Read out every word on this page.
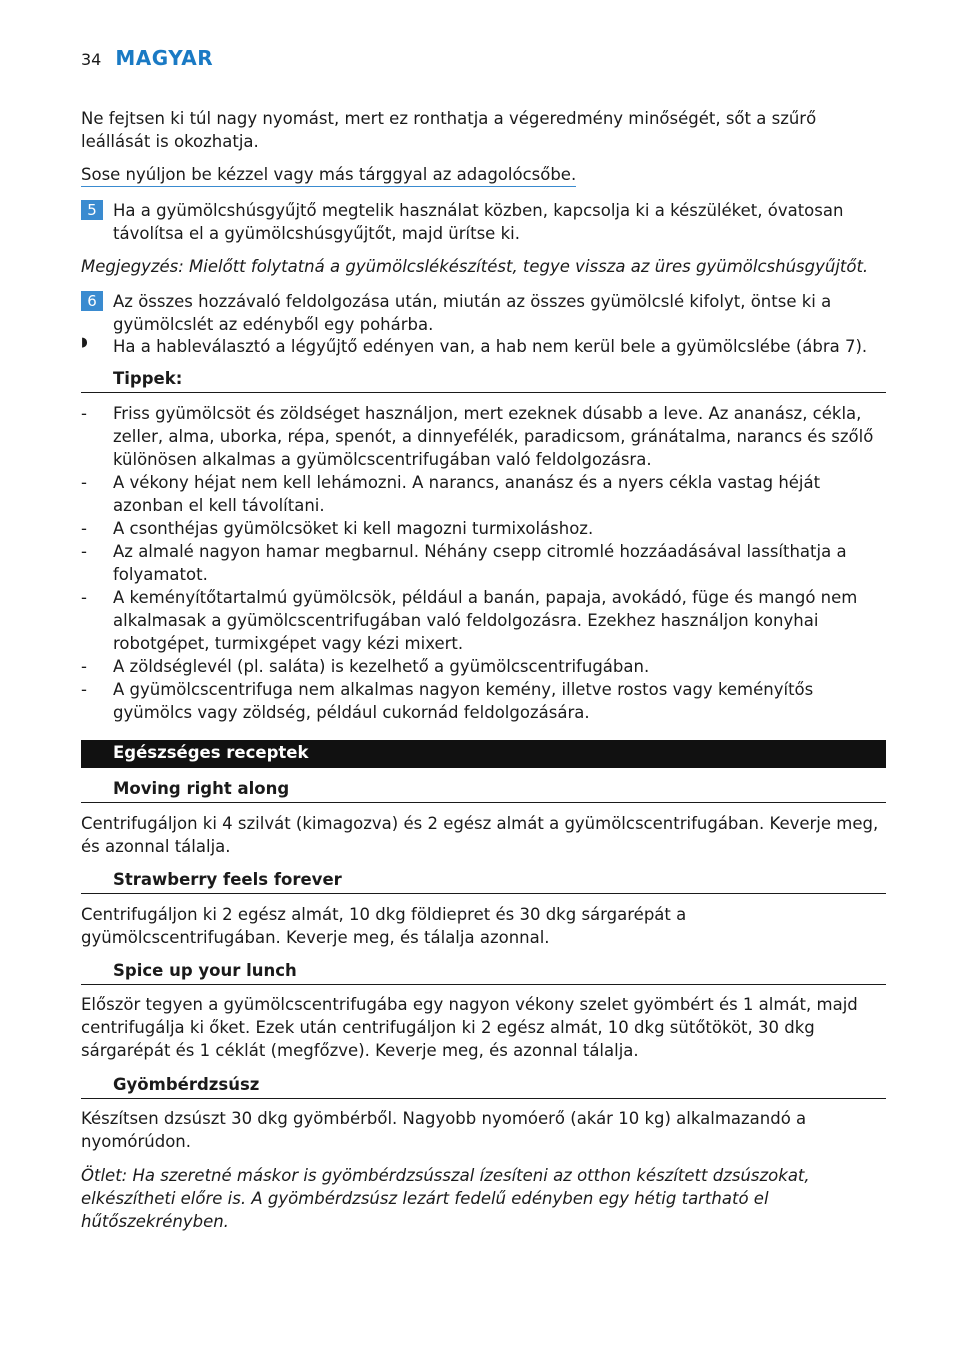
34 MAGYAR

Ne fejtsen ki túl nagy nyomást, mert ez ronthatja a végeredmény minőségét, sőt a szűrő leállását is okozhatja.

Sose nyúljon be kézzel vagy más tárggyal az adagolócsőbe.

5 Ha a gyümölcshúsgyűjtő megtelik használat közben, kapcsolja ki a készüléket, óvatosan távolítsa el a gyümölcshúsgyűjtőt, majd ürítse ki.

Megjegyzés: Mielőtt folytatná a gyümölcslékészítést, tegye vissza az üres gyümölcshúsgyűjtőt.

6 Az összes hozzávaló feldolgozása után, miután az összes gyümölcslé kifolyt, öntse ki a gyümölcslét az edényből egy pohárba.

◗	Ha a hableválasztó a légyűjtő edényen van, a hab nem kerül bele a gyümölcslébe (ábra 7).

Tippek:
-	Friss gyümölcsöt és zöldséget használjon, mert ezeknek dúsabb a leve. Az ananász, cékla, zeller, alma, uborka, répa, spenót, a dinnyefélék, paradicsom, gránátalma, narancs és szőlő különösen alkalmas a gyümölcscentrifugában való feldolgozásra.
-	A vékony héjat nem kell lehámozni. A narancs, ananász és a nyers cékla vastag héját azonban el kell távolítani.
-	A csonthéjas gyümölcsöket ki kell magozni turmixoláshoz.
-	Az almalé nagyon hamar megbarnul. Néhány csepp citromlé hozzáadásával lassíthatja a folyamatot.
-	A keményítőtartalmú gyümölcsök, például a banán, papaja, avokádó, füge és mangó nem alkalmasak a gyümölcscentrifugában való feldolgozásra. Ezekhez használjon konyhai robotgépet, turmixgépet vagy kézi mixert.
-	A zöldséglevél (pl. saláta) is kezelhető a gyümölcscentrifugában.
-	A gyümölcscentrifuga nem alkalmas nagyon kemény, illetve rostos vagy keményítős gyümölcs vagy zöldség, például cukornád feldolgozására.
Egészséges receptek
Moving right along

Centrifugáljon ki 4 szilvát (kimagozva) és 2 egész almát a gyümölcscentrifugában. Keverje meg, és azonnal tálalja.

Strawberry feels forever

Centrifugáljon ki 2 egész almát, 10 dkg földiepret és 30 dkg sárgarépát a gyümölcscentrifugában. Keverje meg, és tálalja azonnal.

Spice up your lunch

Először tegyen a gyümölcscentrifugába egy nagyon vékony szelet gyömbért és 1 almát, majd centrifugálja ki őket. Ezek után centrifugáljon ki 2 egész almát, 10 dkg sütőtököt, 30 dkg sárgarépát és 1 céklát (megfőzve). Keverje meg, és azonnal tálalja.

Gyömbérdzsúsz

Készítsen dzsúszt 30 dkg gyömbérből. Nagyobb nyomóerő (akár 10 kg) alkalmazandó a nyomórúdon.

Ötlet: Ha szeretné máskor is gyömbérdzsússzal ízesíteni az otthon készített dzsúszokat, elkészítheti előre is. A gyömbérdzsúsz lezárt fedelű edényben egy hétig tartható el hűtőszekrényben.
